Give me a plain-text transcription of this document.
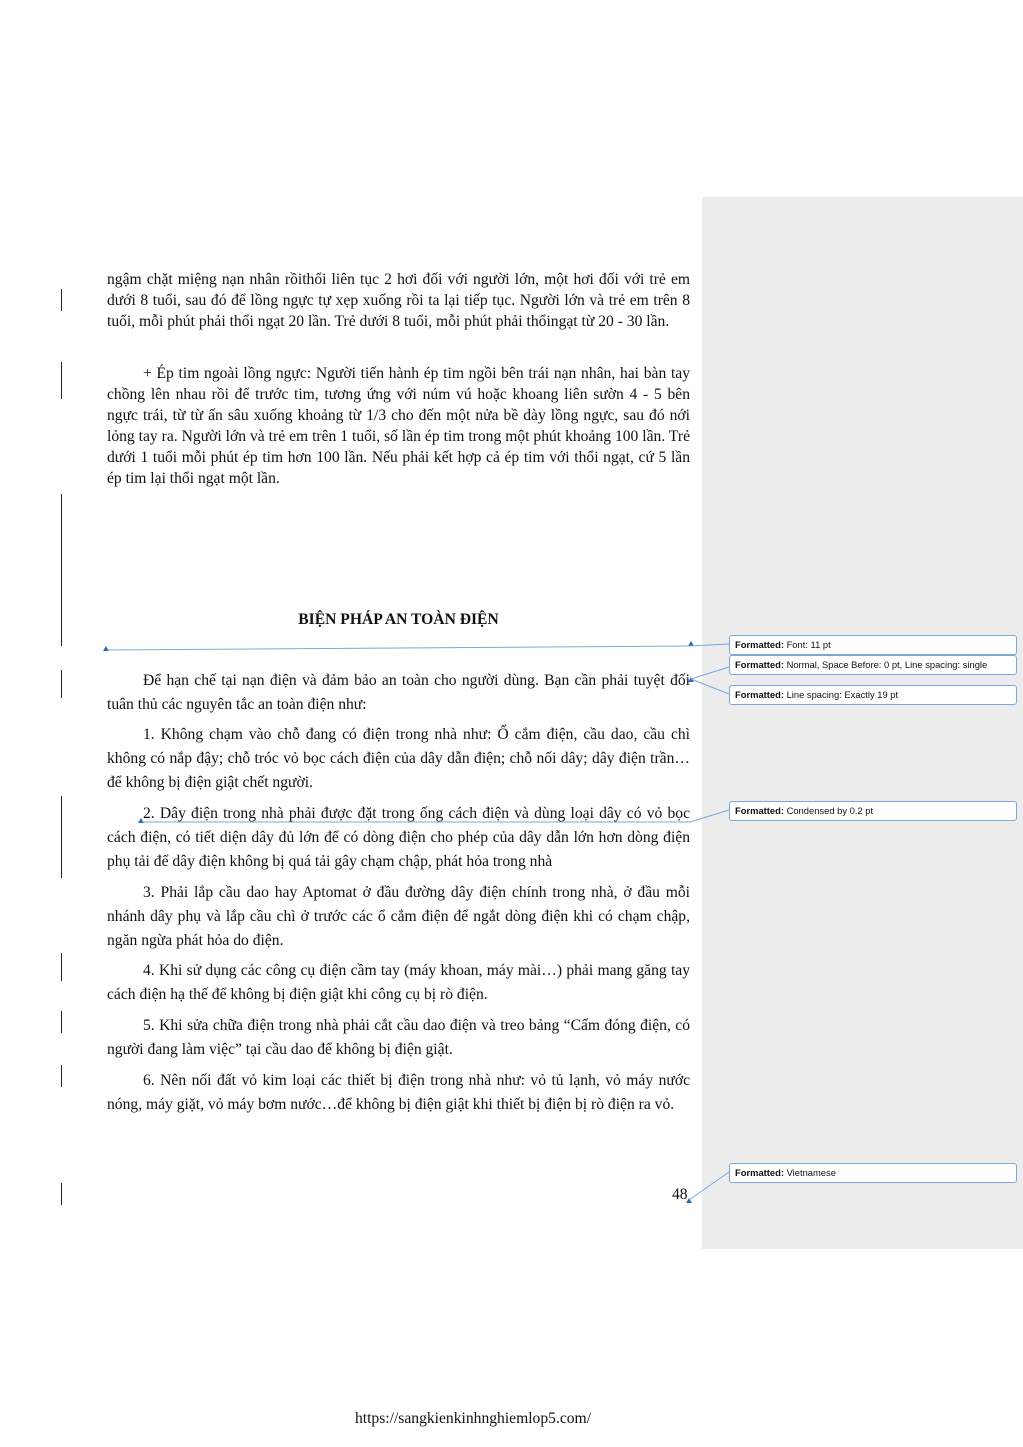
ngậm chặt miệng nạn nhân rồithổi liên tục 2 hơi đối với người lớn, một hơi đối với trẻ em dưới 8 tuổi, sau đó để lồng ngực tự xẹp xuống rồi ta lại tiếp tục. Người lớn và trẻ em trên 8 tuổi, mỗi phút phải thổi ngạt 20 lần. Trẻ dưới 8 tuổi, mỗi phút phải thổingạt từ 20 - 30 lần.

+ Ép tim ngoài lồng ngực: Người tiến hành ép tim ngồi bên trái nạn nhân, hai bàn tay chồng lên nhau rồi để trước tim, tương ứng với núm vú hoặc khoang liên sườn 4 - 5 bên ngực trái, từ từ ấn sâu xuống khoảng từ 1/3 cho đến một nửa bề dày lồng ngực, sau đó nới lỏng tay ra. Người lớn và trẻ em trên 1 tuổi, số lần ép tim trong một phút khoảng 100 lần. Trẻ dưới 1 tuổi mỗi phút ép tim hơn 100 lần. Nếu phải kết hợp cả ép tim với thổi ngạt, cứ 5 lần ép tim lại thổi ngạt một lần.

BIỆN PHÁP AN TOÀN ĐIỆN

Để hạn chế tại nạn điện và đảm bảo an toàn cho người dùng. Bạn cần phải tuyệt đối tuân thủ các nguyên tắc an toàn điện như:

1. Không chạm vào chỗ đang có điện trong nhà như: Ổ cắm điện, cầu dao, cầu chì không có nắp đậy; chỗ tróc vỏ bọc cách điện của dây dẫn điện; chỗ nối dây; dây điện trần…để không bị điện giật chết người.

2. Dây điện trong nhà phải được đặt trong ống cách điện và dùng loại dây có vỏ bọc cách điện, có tiết diện dây đủ lớn để có dòng điện cho phép của dây dẫn lớn hơn dòng điện phụ tải để dây điện không bị quá tải gây chạm chập, phát hỏa trong nhà

3. Phải lắp cầu dao hay Aptomat ở đầu đường dây điện chính trong nhà, ở đầu mỗi nhánh dây phụ và lắp cầu chì ở trước các ổ cắm điện để ngắt dòng điện khi có chạm chập, ngăn ngừa phát hỏa do điện.

4. Khi sử dụng các công cụ điện cầm tay (máy khoan, máy mài…) phải mang găng tay cách điện hạ thế để không bị điện giật khi công cụ bị rò điện.

5. Khi sửa chữa điện trong nhà phải cắt cầu dao điện và treo bảng “Cấm đóng điện, có người đang làm việc” tại cầu dao để không bị điện giật.

6. Nên nối đất vỏ kim loại các thiết bị điện trong nhà như: vỏ tủ lạnh, vỏ máy nước nóng, máy giặt, vỏ máy bơm nước…để không bị điện giật khi thiết bị điện bị rò điện ra vỏ.

48
Formatted: Font: 11 pt
Formatted: Normal, Space Before: 0 pt, Line spacing: single
Formatted: Line spacing: Exactly 19 pt
Formatted: Condensed by 0.2 pt
Formatted: Vietnamese
https://sangkienkinhnghiemlop5.com/
